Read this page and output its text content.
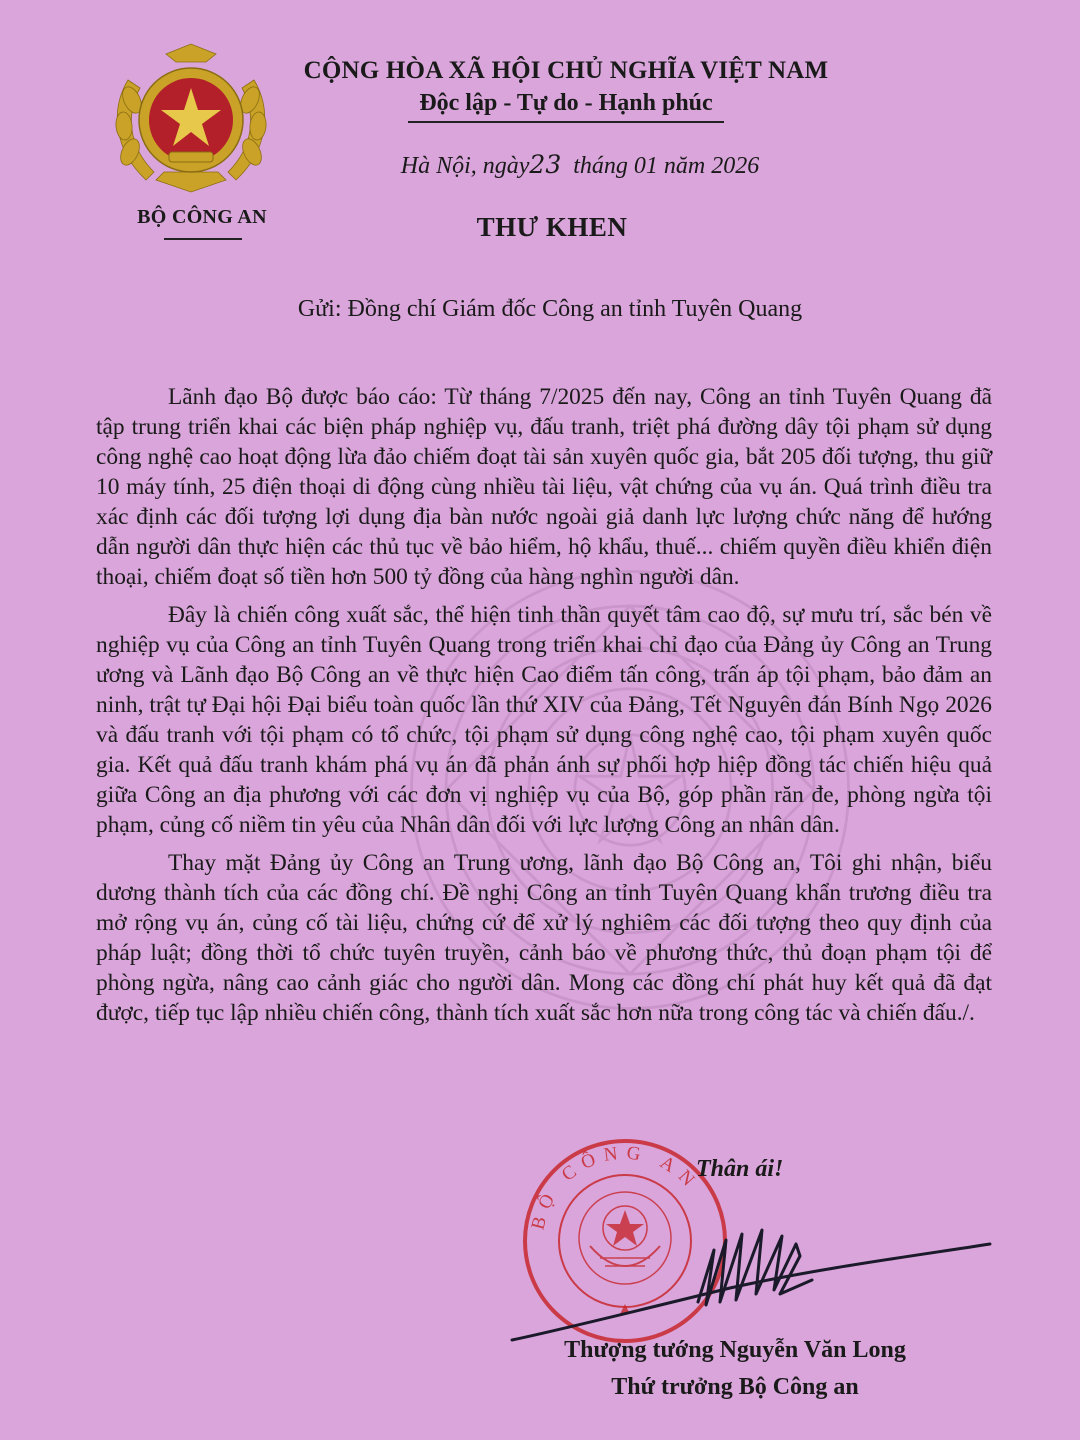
BỘ CÔNG AN
CỘNG HÒA XÃ HỘI CHỦ NGHĨA VIỆT NAM
Độc lập - Tự do - Hạnh phúc
Hà Nội, ngày23 tháng 01 năm 2026
THƯ KHEN
Gửi: Đồng chí Giám đốc Công an tỉnh Tuyên Quang

Lãnh đạo Bộ được báo cáo: Từ tháng 7/2025 đến nay, Công an tỉnh Tuyên Quang đã tập trung triển khai các biện pháp nghiệp vụ, đấu tranh, triệt phá đường dây tội phạm sử dụng công nghệ cao hoạt động lừa đảo chiếm đoạt tài sản xuyên quốc gia, bắt 205 đối tượng, thu giữ 10 máy tính, 25 điện thoại di động cùng nhiều tài liệu, vật chứng của vụ án. Quá trình điều tra xác định các đối tượng lợi dụng địa bàn nước ngoài giả danh lực lượng chức năng để hướng dẫn người dân thực hiện các thủ tục về bảo hiểm, hộ khẩu, thuế... chiếm quyền điều khiển điện thoại, chiếm đoạt số tiền hơn 500 tỷ đồng của hàng nghìn người dân.

Đây là chiến công xuất sắc, thể hiện tinh thần quyết tâm cao độ, sự mưu trí, sắc bén về nghiệp vụ của Công an tỉnh Tuyên Quang trong triển khai chỉ đạo của Đảng ủy Công an Trung ương và Lãnh đạo Bộ Công an về thực hiện Cao điểm tấn công, trấn áp tội phạm, bảo đảm an ninh, trật tự Đại hội Đại biểu toàn quốc lần thứ XIV của Đảng, Tết Nguyên đán Bính Ngọ 2026 và đấu tranh với tội phạm có tổ chức, tội phạm sử dụng công nghệ cao, tội phạm xuyên quốc gia. Kết quả đấu tranh khám phá vụ án đã phản ánh sự phối hợp hiệp đồng tác chiến hiệu quả giữa Công an địa phương với các đơn vị nghiệp vụ của Bộ, góp phần răn đe, phòng ngừa tội phạm, củng cố niềm tin yêu của Nhân dân đối với lực lượng Công an nhân dân.

Thay mặt Đảng ủy Công an Trung ương, lãnh đạo Bộ Công an, Tôi ghi nhận, biểu dương thành tích của các đồng chí. Đề nghị Công an tỉnh Tuyên Quang khẩn trương điều tra mở rộng vụ án, củng cố tài liệu, chứng cứ để xử lý nghiêm các đối tượng theo quy định của pháp luật; đồng thời tổ chức tuyên truyền, cảnh báo về phương thức, thủ đoạn phạm tội để phòng ngừa, nâng cao cảnh giác cho người dân. Mong các đồng chí phát huy kết quả đã đạt được, tiếp tục lập nhiều chiến công, thành tích xuất sắc hơn nữa trong công tác và chiến đấu./.

BỘ CÔNG AN
Thân ái!
Thượng tướng Nguyễn Văn Long
Thứ trưởng Bộ Công an
